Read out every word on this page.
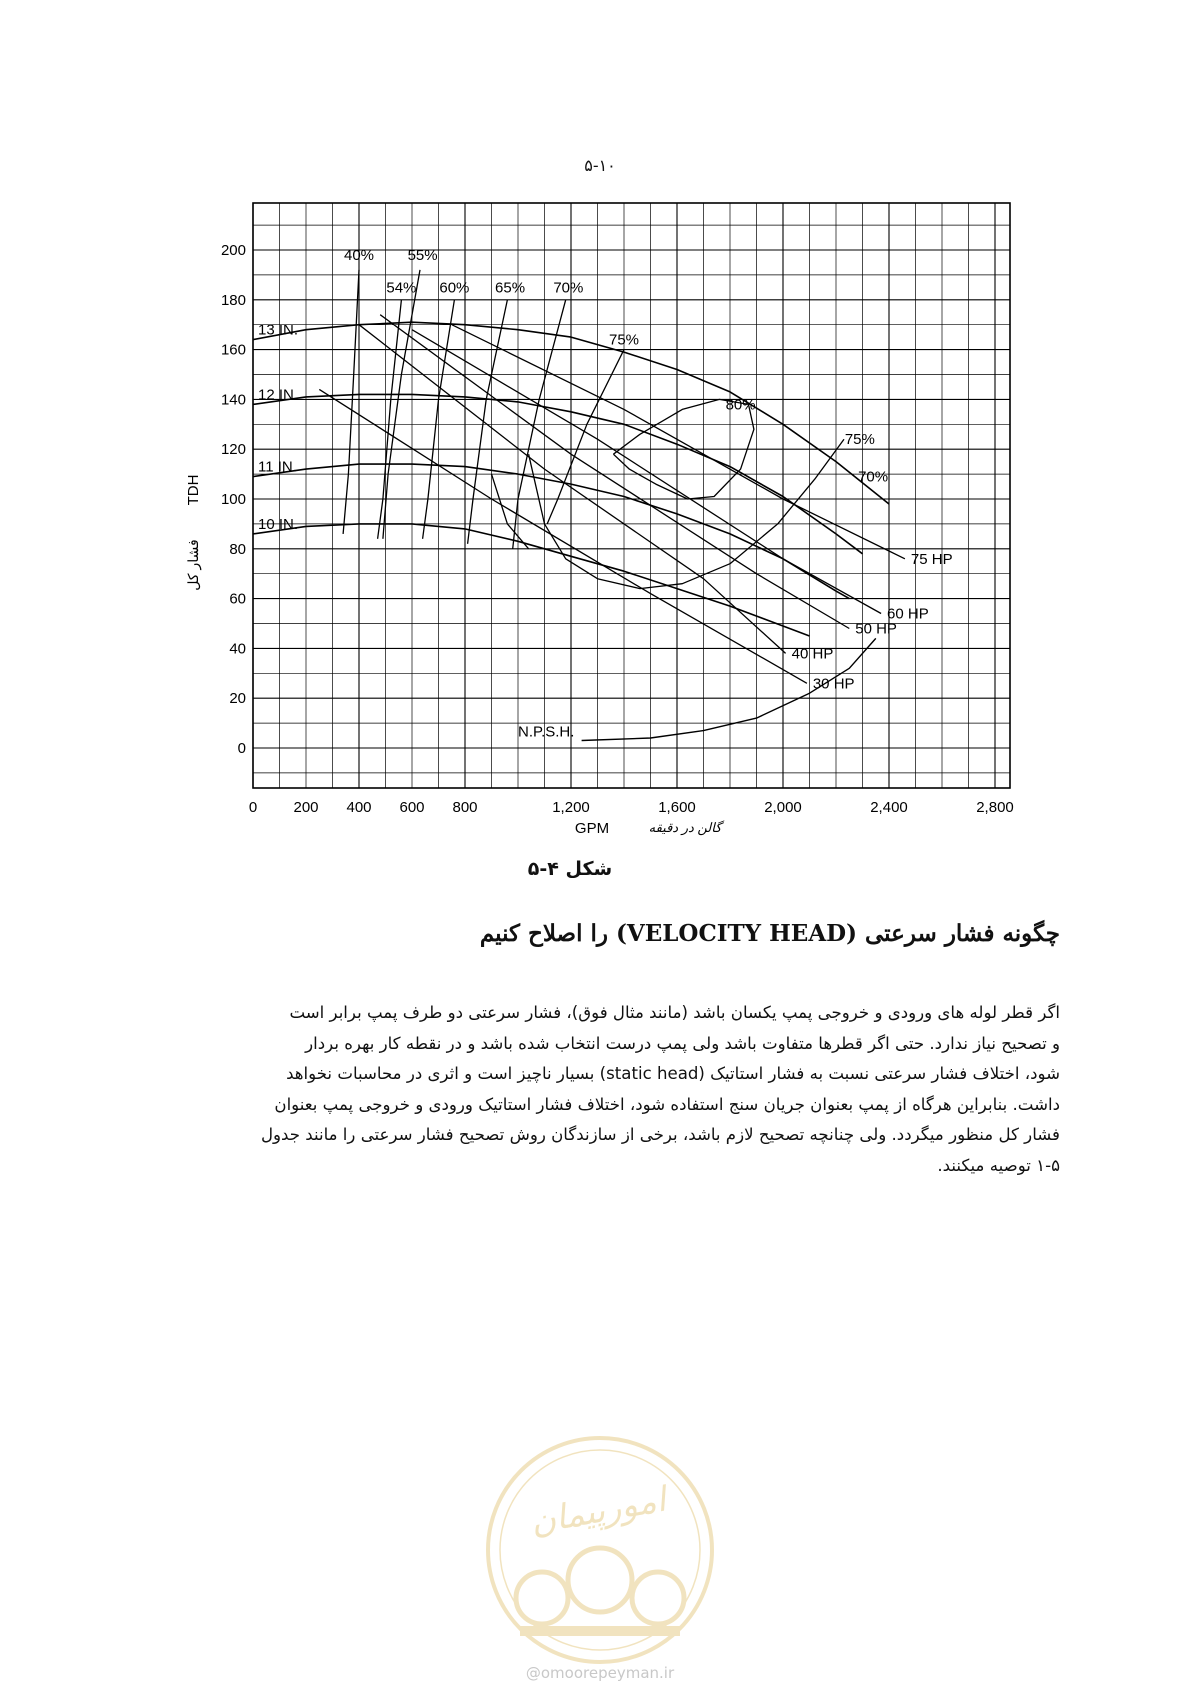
۵-۱۰
13 IN.
12 IN.
11 IN.
10 IN.
40% 55%
54% 60% 65% 70%
75%
80%
75%
70%
75 HP
60 HP
50 HP
40 HP
30 HP
N.P.S.H.
0 200 400 600 800	1,200	1,600	2,000	2,400	2,800
200
180
160
140
120
100
80
60
40
20
0
GPM	گالن در دقیقه
TDH
فشار کل
شکل ۴-۵
چگونه فشار سرعتی (VELOCITY HEAD) را اصلاح کنیم

اگر قطر لوله های ورودی و خروجی پمپ یکسان باشد (مانند مثال فوق)، فشار سرعتی دو طرف پمپ برابر است

و تصحیح نیاز ندارد. حتی اگر قطرها متفاوت باشد ولی پمپ درست انتخاب شده باشد و در نقطه کار بهره بردار

شود، اختلاف فشار سرعتی نسبت به فشار استاتیک (static head) بسیار ناچیز است و اثری در محاسبات نخواهد

داشت. بنابراین هرگاه از پمپ بعنوان جریان سنج استفاده شود، اختلاف فشار استاتیک ورودی و خروجی پمپ بعنوان

فشار کل منظور میگردد. ولی چنانچه تصحیح لازم باشد، برخی از سازندگان روش تصحیح فشار سرعتی را مانند جدول

۱-۵ توصیه میکنند.

امورپیمان
@omoorepeyman.ir
